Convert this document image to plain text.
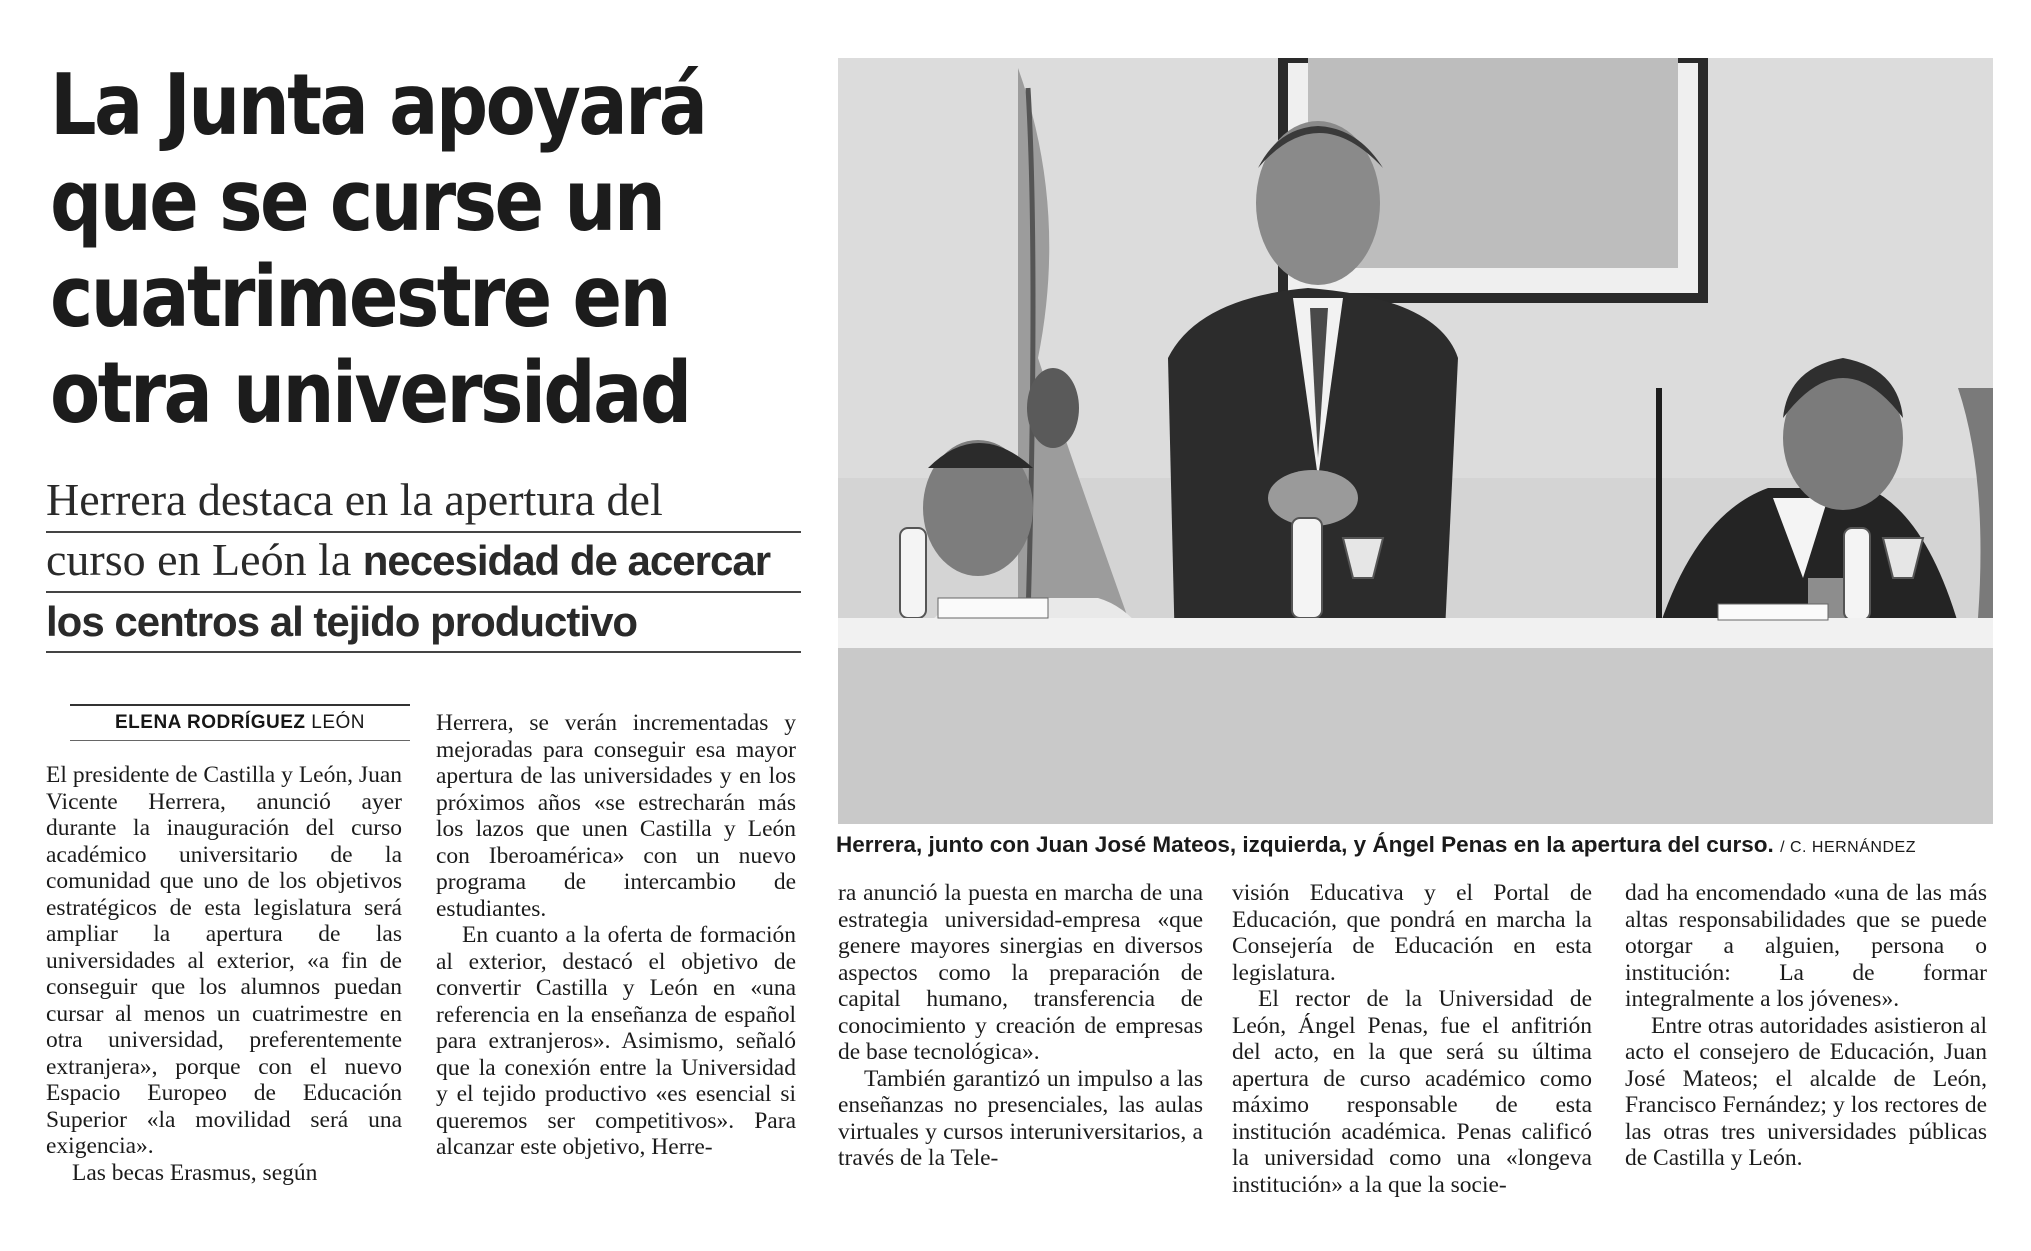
La Junta apoyará
que se curse un
cuatrimestre en
otra universidad
Herrera destaca en la apertura del
curso en León la necesidad de acercar
los centros al tejido productivo
ELENA RODRÍGUEZ LEÓN
Herrera, junto con Juan José Mateos, izquierda, y Ángel Penas en la apertura del curso. / C. HERNÁNDEZ

El presidente de Castilla y León, Juan Vicente Herrera, anunció ayer durante la inauguración del curso académico universitario de la comunidad que uno de los objetivos estratégicos de esta legislatura será ampliar la apertura de las universidades al exterior, «a fin de conseguir que los alumnos puedan cursar al menos un cuatrimestre en otra universidad, preferentemente extranjera», porque con el nuevo Espacio Europeo de Educación Superior «la movilidad será una exigencia».

Las becas Erasmus, según

Herrera, se verán incrementadas y mejoradas para conseguir esa mayor apertura de las universidades y en los próximos años «se estrecharán más los lazos que unen Castilla y León con Iberoamérica» con un nuevo programa de intercambio de estudiantes.

En cuanto a la oferta de formación al exterior, destacó el objetivo de convertir Castilla y León en «una referencia en la enseñanza de español para extranjeros». Asimismo, señaló que la conexión entre la Universidad y el tejido productivo «es esencial si queremos ser competitivos». Para alcanzar este objetivo, Herre-

ra anunció la puesta en marcha de una estrategia universidad-empresa «que genere mayores sinergias en diversos aspectos como la preparación de capital humano, transferencia de conocimiento y creación de empresas de base tecnológica».

También garantizó un impulso a las enseñanzas no presenciales, las aulas virtuales y cursos interuniversitarios, a través de la Tele-

visión Educativa y el Portal de Educación, que pondrá en marcha la Consejería de Educación en esta legislatura.

El rector de la Universidad de León, Ángel Penas, fue el anfitrión del acto, en la que será su última apertura de curso académico como máximo responsable de esta institución académica. Penas calificó la universidad como una «longeva institución» a la que la socie-

dad ha encomendado «una de las más altas responsabilidades que se puede otorgar a alguien, persona o institución: La de formar integralmente a los jóvenes».

Entre otras autoridades asistieron al acto el consejero de Educación, Juan José Mateos; el alcalde de León, Francisco Fernández; y los rectores de las otras tres universidades públicas de Castilla y León.
